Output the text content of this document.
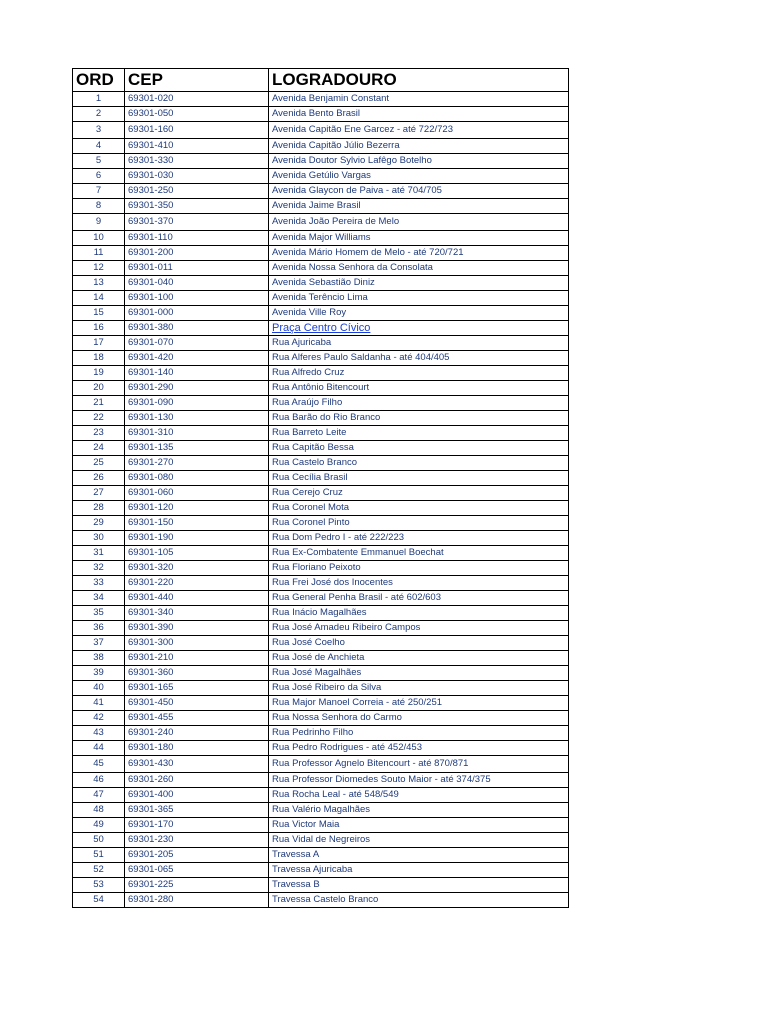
ORD	CEP	LOGRADOURO
1	69301-020	Avenida Benjamin Constant
2	69301-050	Avenida Bento Brasil
3	69301-160	Avenida Capitão Ene Garcez - até 722/723
4	69301-410	Avenida Capitão Júlio Bezerra
5	69301-330	Avenida Doutor Sylvio Lafêgo Botelho
6	69301-030	Avenida Getúlio Vargas
7	69301-250	Avenida Glaycon de Paiva - até 704/705
8	69301-350	Avenida Jaime Brasil
9	69301-370	Avenida João Pereira de Melo
10	69301-110	Avenida Major Williams
11	69301-200	Avenida Mário Homem de Melo - até 720/721
12	69301-011	Avenida Nossa Senhora da Consolata
13	69301-040	Avenida Sebastião Diniz
14	69301-100	Avenida Terêncio Lima
15	69301-000	Avenida Ville Roy
16	69301-380	Praça Centro Cívico
17	69301-070	Rua Ajuricaba
18	69301-420	Rua Alferes Paulo Saldanha - até 404/405
19	69301-140	Rua Alfredo Cruz
20	69301-290	Rua Antônio Bitencourt
21	69301-090	Rua Araújo Filho
22	69301-130	Rua Barão do Rio Branco
23	69301-310	Rua Barreto Leite
24	69301-135	Rua Capitão Bessa
25	69301-270	Rua Castelo Branco
26	69301-080	Rua Cecília Brasil
27	69301-060	Rua Cerejo Cruz
28	69301-120	Rua Coronel Mota
29	69301-150	Rua Coronel Pinto
30	69301-190	Rua Dom Pedro I - até 222/223
31	69301-105	Rua Ex-Combatente Emmanuel Boechat
32	69301-320	Rua Floriano Peixoto
33	69301-220	Rua Frei José dos Inocentes
34	69301-440	Rua General Penha Brasil - até 602/603
35	69301-340	Rua Inácio Magalhães
36	69301-390	Rua José Amadeu Ribeiro Campos
37	69301-300	Rua José Coelho
38	69301-210	Rua José de Anchieta
39	69301-360	Rua José Magalhães
40	69301-165	Rua José Ribeiro da Silva
41	69301-450	Rua Major Manoel Correia - até 250/251
42	69301-455	Rua Nossa Senhora do Carmo
43	69301-240	Rua Pedrinho Filho
44	69301-180	Rua Pedro Rodrigues - até 452/453
45	69301-430	Rua Professor Agnelo Bitencourt - até 870/871
46	69301-260	Rua Professor Diomedes Souto Maior - até 374/375
47	69301-400	Rua Rocha Leal - até 548/549
48	69301-365	Rua Valério Magalhães
49	69301-170	Rua Victor Maia
50	69301-230	Rua Vidal de Negreiros
51	69301-205	Travessa A
52	69301-065	Travessa Ajuricaba
53	69301-225	Travessa B
54	69301-280	Travessa Castelo Branco
